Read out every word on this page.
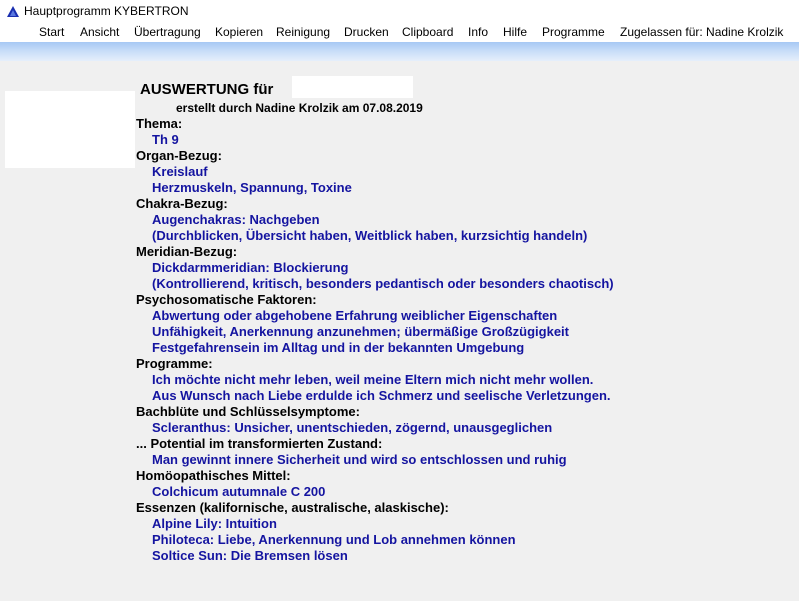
Hauptprogramm KYBERTRON
Start Ansicht Übertragung Kopieren Reinigung Drucken Clipboard Info Hilfe Programme Zugelassen für: Nadine Krolzik
AUSWERTUNG für
erstellt durch Nadine Krolzik am 07.08.2019
Thema:
Th 9
Organ-Bezug:
Kreislauf
Herzmuskeln, Spannung, Toxine
Chakra-Bezug:
Augenchakras: Nachgeben
(Durchblicken, Übersicht haben, Weitblick haben, kurzsichtig handeln)
Meridian-Bezug:
Dickdarmmeridian: Blockierung
(Kontrollierend, kritisch, besonders pedantisch oder besonders chaotisch)
Psychosomatische Faktoren:
Abwertung oder abgehobene Erfahrung weiblicher Eigenschaften
Unfähigkeit, Anerkennung anzunehmen; übermäßige Großzügigkeit
Festgefahrensein im Alltag und in der bekannten Umgebung
Programme:
Ich möchte nicht mehr leben, weil meine Eltern mich nicht mehr wollen.
Aus Wunsch nach Liebe erdulde ich Schmerz und seelische Verletzungen.
Bachblüte und Schlüsselsymptome:
Scleranthus: Unsicher, unentschieden, zögernd, unausgeglichen
... Potential im transformierten Zustand:
Man gewinnt innere Sicherheit und wird so entschlossen und ruhig
Homöopathisches Mittel:
Colchicum autumnale C 200
Essenzen (kalifornische, australische, alaskische):
Alpine Lily: Intuition
Philoteca: Liebe, Anerkennung und Lob annehmen können
Soltice Sun: Die Bremsen lösen
